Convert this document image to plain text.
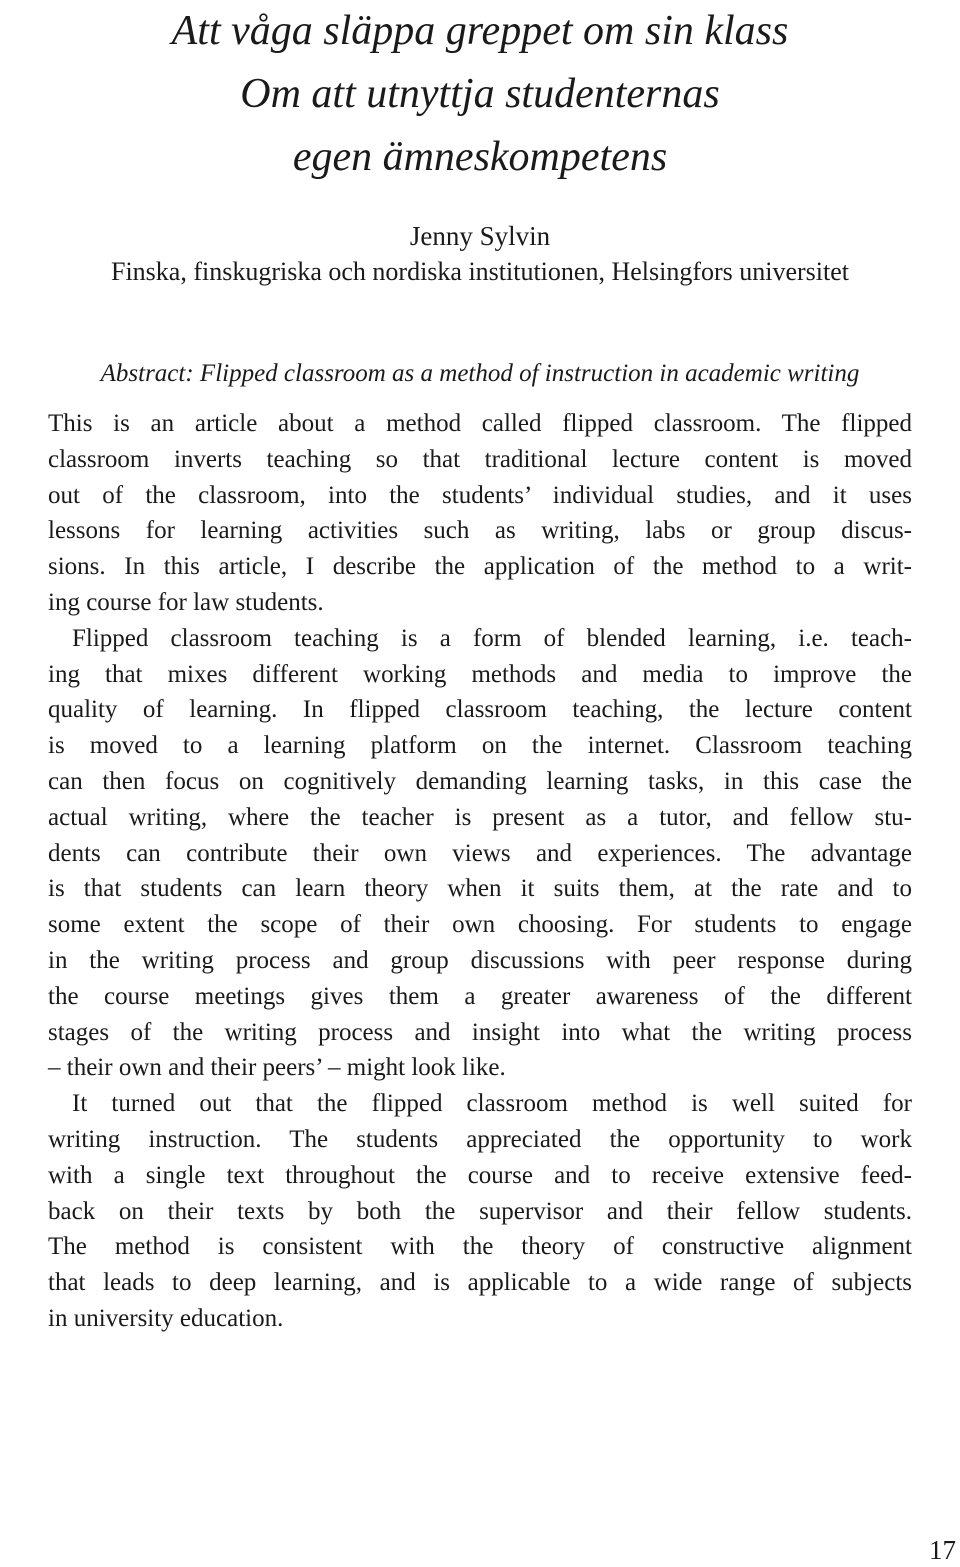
Att våga släppa greppet om sin klass
Om att utnyttja studenternas
egen ämneskompetens
Jenny Sylvin
Finska, finskugriska och nordiska institutionen, Helsingfors universitet
Abstract: Flipped classroom as a method of instruction in academic writing

This is an article about a method called flipped classroom. The flipped
classroom inverts teaching so that traditional lecture content is moved
out of the classroom, into the students’ individual studies, and it uses
lessons for learning activities such as writing, labs or group discus-
sions. In this article, I describe the application of the method to a writ-
ing course for law students.

Flipped classroom teaching is a form of blended learning, i.e. teach-
ing that mixes different working methods and media to improve the
quality of learning. In flipped classroom teaching, the lecture content
is moved to a learning platform on the internet. Classroom teaching
can then focus on cognitively demanding learning tasks, in this case the
actual writing, where the teacher is present as a tutor, and fellow stu-
dents can contribute their own views and experiences. The advantage
is that students can learn theory when it suits them, at the rate and to
some extent the scope of their own choosing. For students to engage
in the writing process and group discussions with peer response during
the course meetings gives them a greater awareness of the different
stages of the writing process and insight into what the writing process
– their own and their peers’ – might look like.

It turned out that the flipped classroom method is well suited for
writing instruction. The students appreciated the opportunity to work
with a single text throughout the course and to receive extensive feed-
back on their texts by both the supervisor and their fellow students.
The method is consistent with the theory of constructive alignment
that leads to deep learning, and is applicable to a wide range of subjects
in university education.

17
